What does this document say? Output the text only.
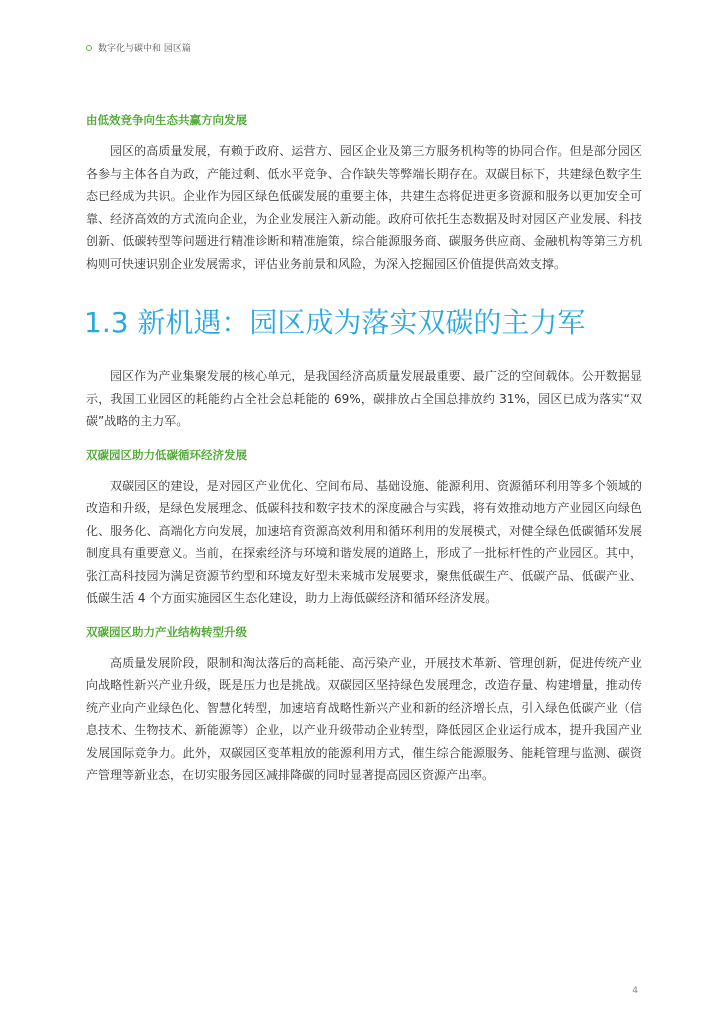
数字化与碳中和 园区篇
由低效竞争向生态共赢方向发展

园区的高质量发展，有赖于政府、运营方、园区企业及第三方服务机构等的协同合作。但是部分园区各参与主体各自为政，产能过剩、低水平竞争、合作缺失等弊端长期存在。双碳目标下，共建绿色数字生态已经成为共识。企业作为园区绿色低碳发展的重要主体，共建生态将促进更多资源和服务以更加安全可靠、经济高效的方式流向企业，为企业发展注入新动能。政府可依托生态数据及时对园区产业发展、科技创新、低碳转型等问题进行精准诊断和精准施策，综合能源服务商、碳服务供应商、金融机构等第三方机构则可快速识别企业发展需求，评估业务前景和风险，为深入挖掘园区价值提供高效支撑。

1.3 新机遇：园区成为落实双碳的主力军

园区作为产业集聚发展的核心单元，是我国经济高质量发展最重要、最广泛的空间载体。公开数据显示，我国工业园区的耗能约占全社会总耗能的 69%，碳排放占全国总排放约 31%，园区已成为落实“双碳”战略的主力军。

双碳园区助力低碳循环经济发展

双碳园区的建设，是对园区产业优化、空间布局、基础设施、能源利用、资源循环利用等多个领域的改造和升级，是绿色发展理念、低碳科技和数字技术的深度融合与实践，将有效推动地方产业园区向绿色化、服务化、高端化方向发展，加速培育资源高效利用和循环利用的发展模式，对健全绿色低碳循环发展制度具有重要意义。当前，在探索经济与环境和谐发展的道路上，形成了一批标杆性的产业园区。其中，张江高科技园为满足资源节约型和环境友好型未来城市发展要求，聚焦低碳生产、低碳产品、低碳产业、低碳生活 4 个方面实施园区生态化建设，助力上海低碳经济和循环经济发展。

双碳园区助力产业结构转型升级

高质量发展阶段，限制和淘汰落后的高耗能、高污染产业，开展技术革新、管理创新，促进传统产业向战略性新兴产业升级，既是压力也是挑战。双碳园区坚持绿色发展理念，改造存量、构建增量，推动传统产业向产业绿色化、智慧化转型，加速培育战略性新兴产业和新的经济增长点，引入绿色低碳产业（信息技术、生物技术、新能源等）企业，以产业升级带动企业转型，降低园区企业运行成本，提升我国产业发展国际竞争力。此外，双碳园区变革粗放的能源利用方式，催生综合能源服务、能耗管理与监测、碳资产管理等新业态，在切实服务园区减排降碳的同时显著提高园区资源产出率。

4
